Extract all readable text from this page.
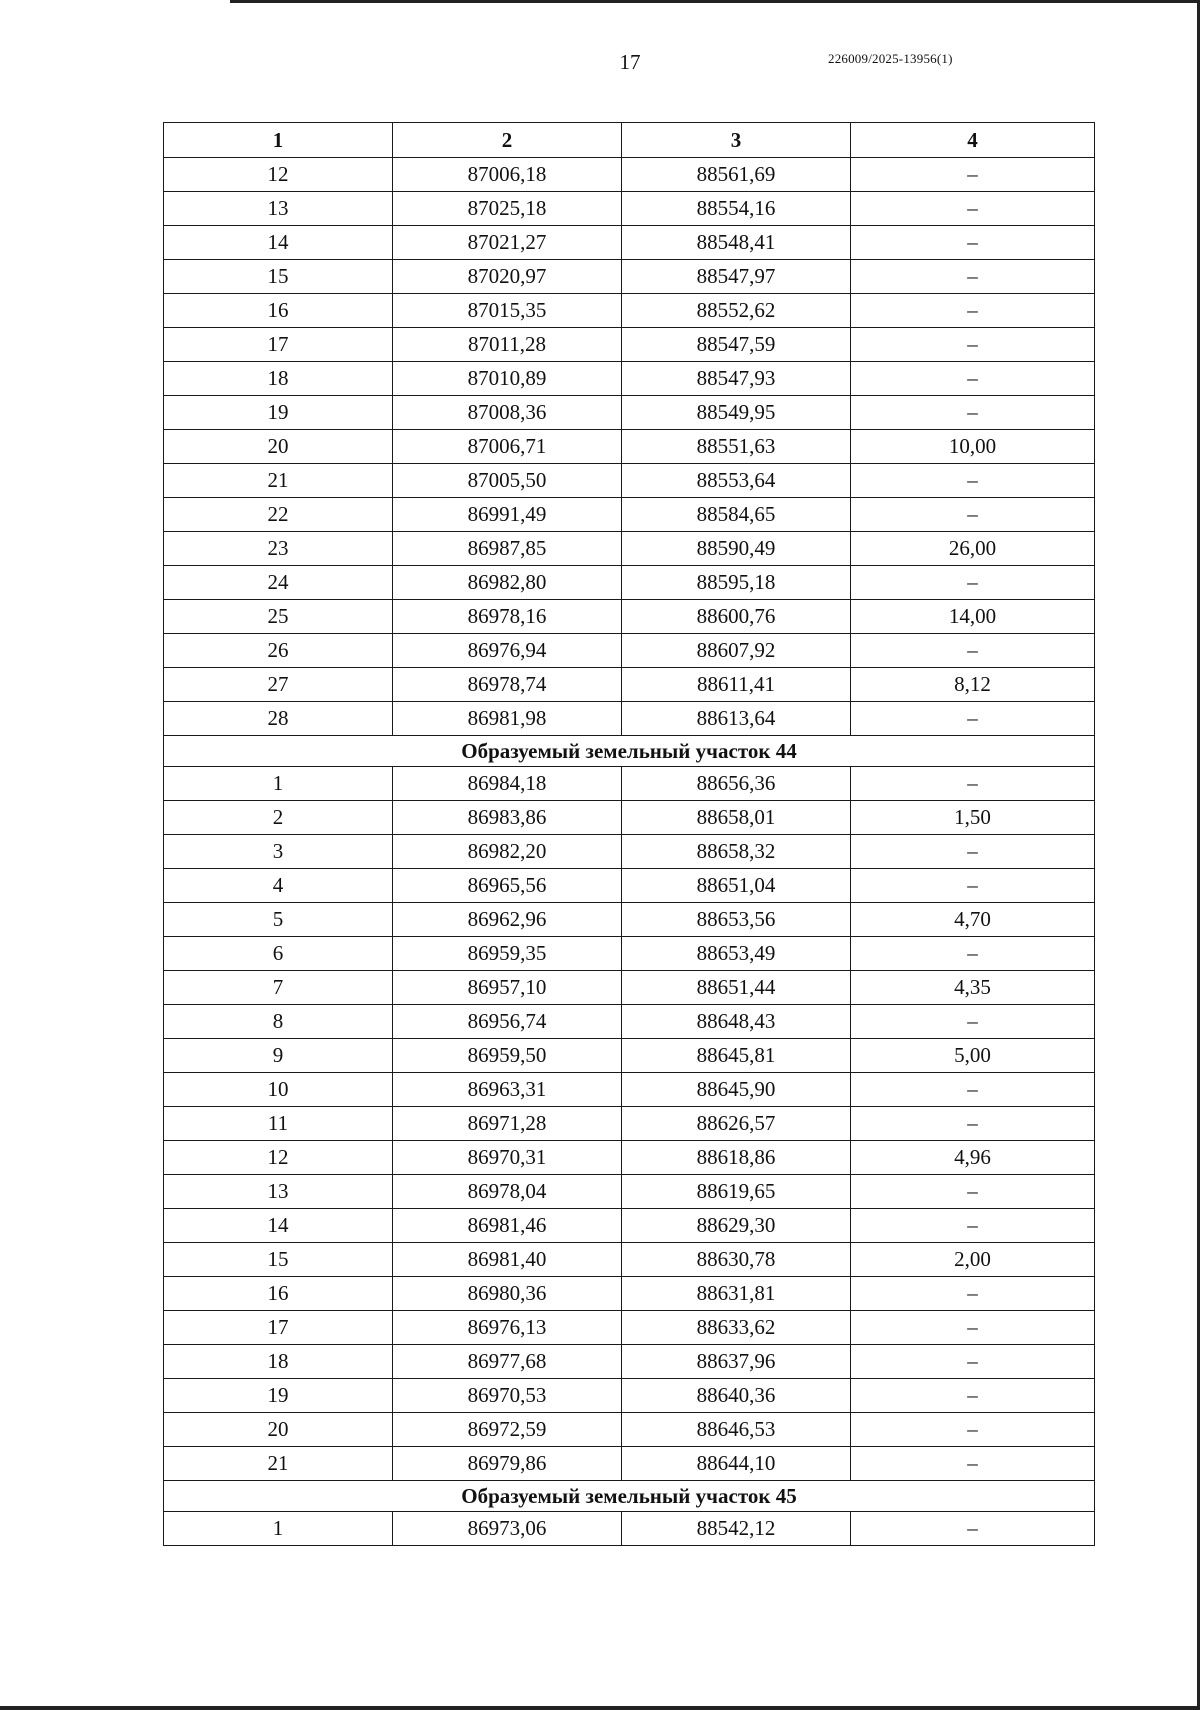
17	226009/2025-13956(1)
1	2	3	4
12	87006,18	88561,69	–
13	87025,18	88554,16	–
14	87021,27	88548,41	–
15	87020,97	88547,97	–
16	87015,35	88552,62	–
17	87011,28	88547,59	–
18	87010,89	88547,93	–
19	87008,36	88549,95	–
20	87006,71	88551,63	10,00
21	87005,50	88553,64	–
22	86991,49	88584,65	–
23	86987,85	88590,49	26,00
24	86982,80	88595,18	–
25	86978,16	88600,76	14,00
26	86976,94	88607,92	–
27	86978,74	88611,41	8,12
28	86981,98	88613,64	–
Образуемый земельный участок 44			
1	86984,18	88656,36	–
2	86983,86	88658,01	1,50
3	86982,20	88658,32	–
4	86965,56	88651,04	–
5	86962,96	88653,56	4,70
6	86959,35	88653,49	–
7	86957,10	88651,44	4,35
8	86956,74	88648,43	–
9	86959,50	88645,81	5,00
10	86963,31	88645,90	–
11	86971,28	88626,57	–
12	86970,31	88618,86	4,96
13	86978,04	88619,65	–
14	86981,46	88629,30	–
15	86981,40	88630,78	2,00
16	86980,36	88631,81	–
17	86976,13	88633,62	–
18	86977,68	88637,96	–
19	86970,53	88640,36	–
20	86972,59	88646,53	–
21	86979,86	88644,10	–
Образуемый земельный участок 45			
1	86973,06	88542,12	–
